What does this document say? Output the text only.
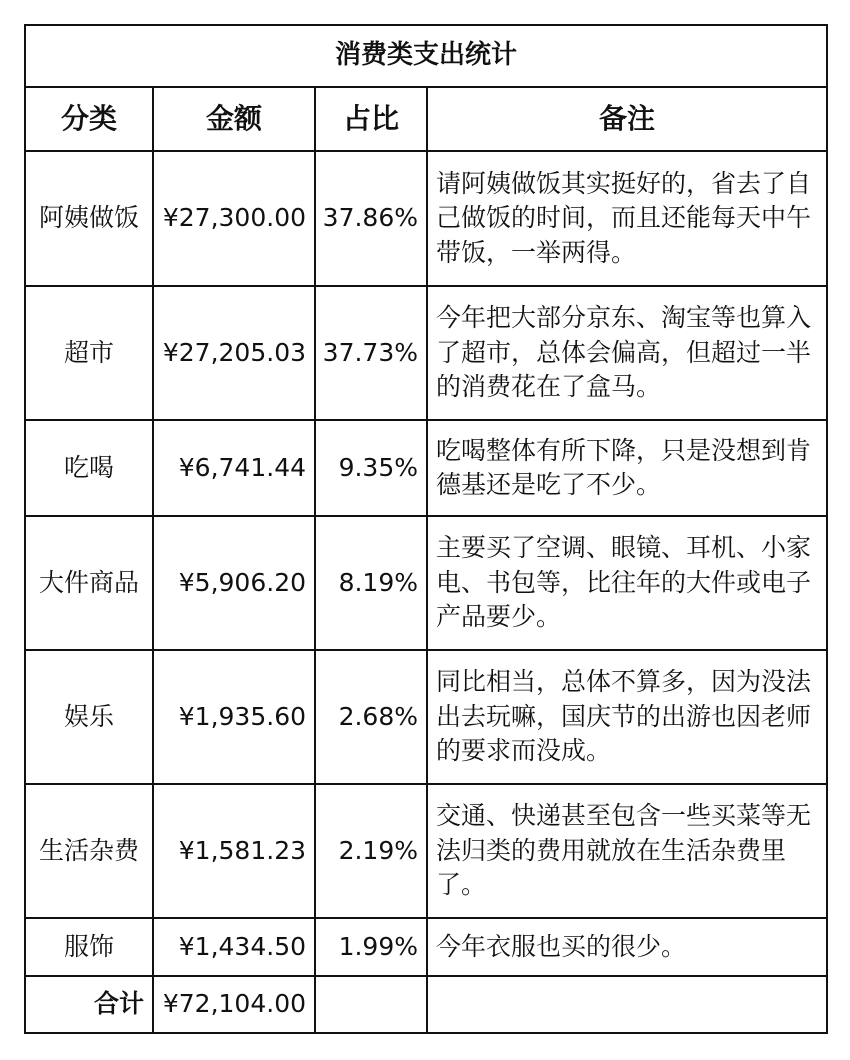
消费类支出统计			
分类	金额	占比	备注
阿姨做饭	¥27,300.00	37.86%	请阿姨做饭其实挺好的，省去了自己做饭的时间，而且还能每天中午带饭，一举两得。
超市	¥27,205.03	37.73%	今年把大部分京东、淘宝等也算入了超市，总体会偏高，但超过一半的消费花在了盒马。
吃喝	¥6,741.44	9.35%	吃喝整体有所下降，只是没想到肯德基还是吃了不少。
大件商品	¥5,906.20	8.19%	主要买了空调、眼镜、耳机、小家电、书包等，比往年的大件或电子产品要少。
娱乐	¥1,935.60	2.68%	同比相当，总体不算多，因为没法出去玩嘛，国庆节的出游也因老师的要求而没成。
生活杂费	¥1,581.23	2.19%	交通、快递甚至包含一些买菜等无法归类的费用就放在生活杂费里了。
服饰	¥1,434.50	1.99%	今年衣服也买的很少。
合计	¥72,104.00		
